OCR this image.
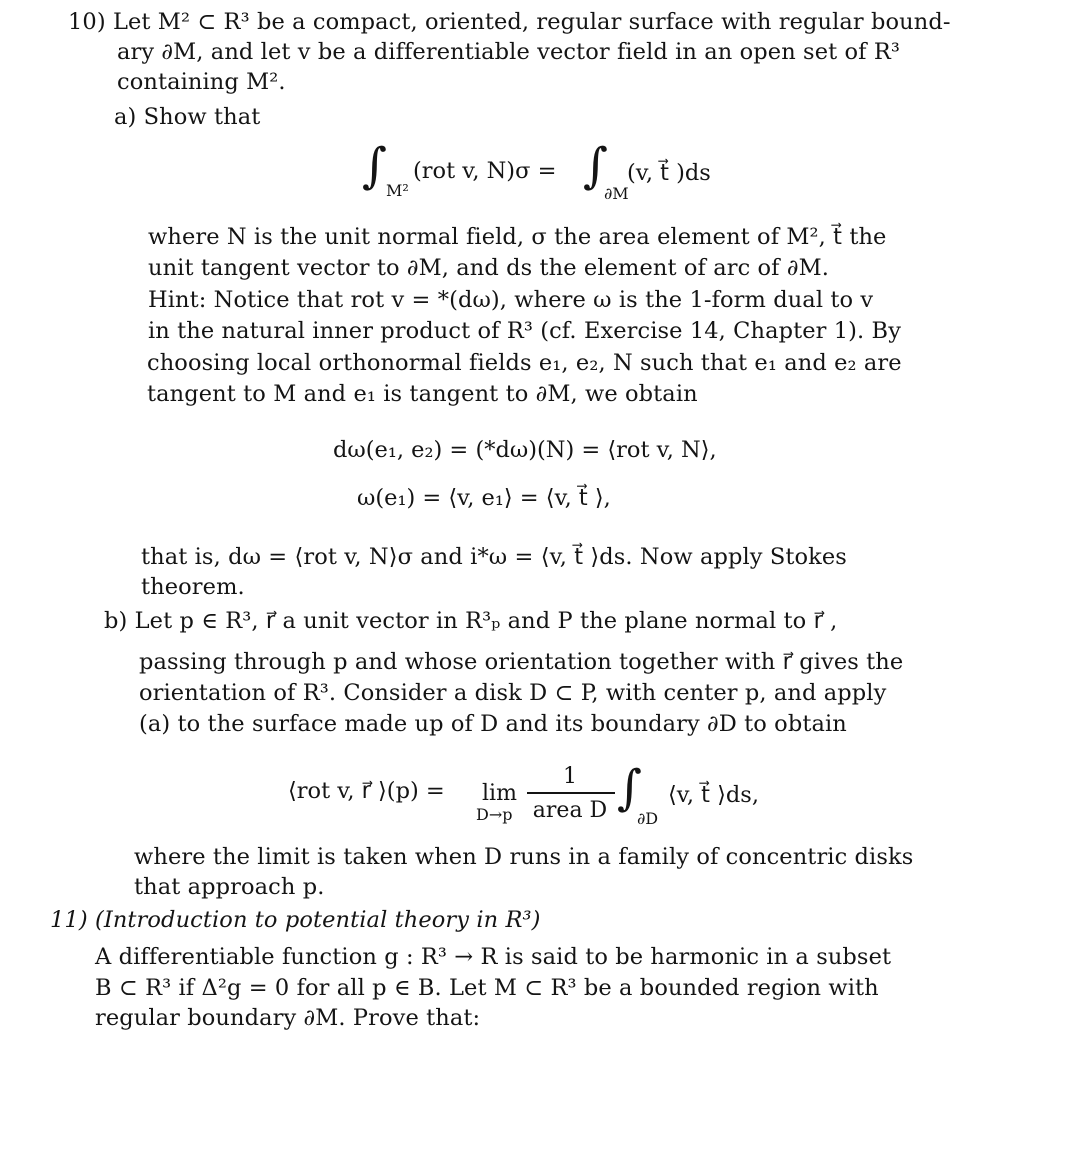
10) Let M² ⊂ R³ be a compact, oriented, regular surface with regular bound-
ary ∂M, and let v be a differentiable vector field in an open set of R³
containing M².
a) Show that
∫
M²
(rot v, N)σ = ∫
∂M
(v, t⃗ )ds
where N is the unit normal field, σ the area element of M², t⃗ the
unit tangent vector to ∂M, and ds the element of arc of ∂M.
Hint: Notice that rot v = *(dω), where ω is the 1-form dual to v
in the natural inner product of R³ (cf. Exercise 14, Chapter 1). By
choosing local orthonormal fields e₁, e₂, N such that e₁ and e₂ are
tangent to M and e₁ is tangent to ∂M, we obtain
dω(e₁, e₂) = (*dω)(N) = ⟨rot v, N⟩,
ω(e₁) = ⟨v, e₁⟩ = ⟨v, t⃗ ⟩,
that is, dω = ⟨rot v, N⟩σ and i*ω = ⟨v, t⃗ ⟩ds. Now apply Stokes
theorem.
b) Let p ∈ R³, r⃗ a unit vector in R³ₚ and P the plane normal to r⃗ ,
passing through p and whose orientation together with r⃗ gives the
orientation of R³. Consider a disk D ⊂ P, with center p, and apply
(a) to the surface made up of D and its boundary ∂D to obtain
⟨rot v, r⃗ ⟩(p) = lim
D→p
1
area D ∫
∂D
⟨v, t⃗ ⟩ds,
where the limit is taken when D runs in a family of concentric disks
that approach p.
11) (Introduction to potential theory in R³)
A differentiable function g : R³ → R is said to be harmonic in a subset
B ⊂ R³ if Δ²g = 0 for all p ∈ B. Let M ⊂ R³ be a bounded region with
regular boundary ∂M. Prove that:
